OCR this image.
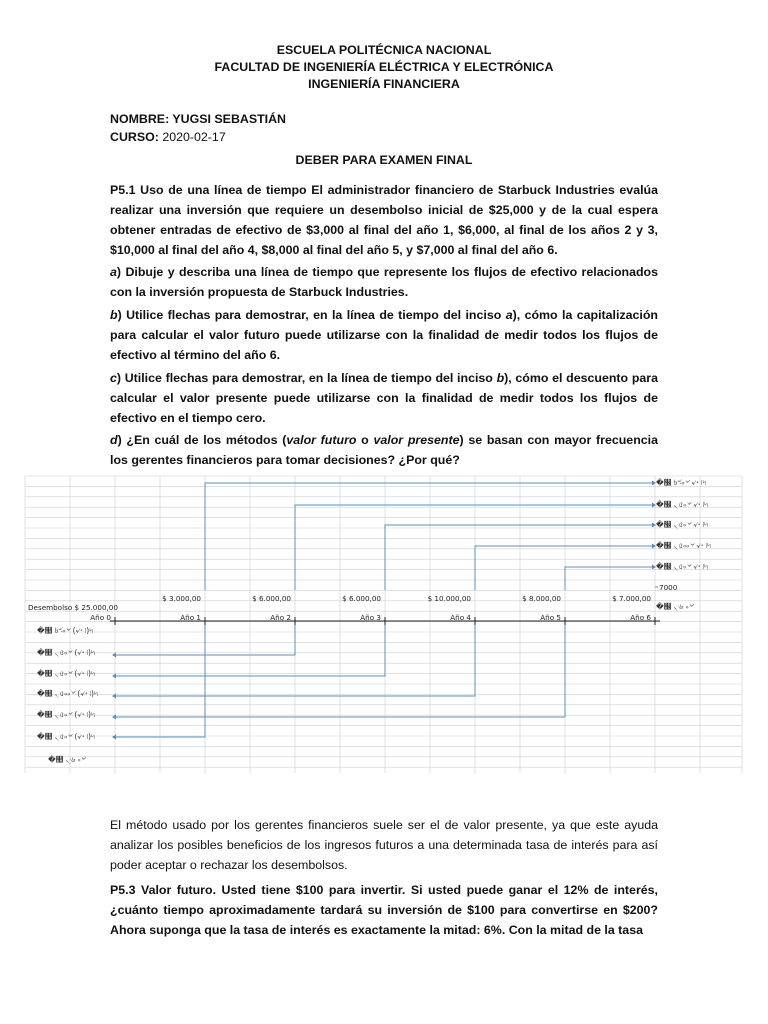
ESCUELA POLITÉCNICA NACIONAL
FACULTAD DE INGENIERÍA ELÉCTRICA Y ELECTRÓNICA
INGENIERÍA FINANCIERA
NOMBRE: YUGSI SEBASTIÁN
CURSO: 2020-02-17
DEBER PARA EXAMEN FINAL
P5.1 Uso de una línea de tiempo El administrador financiero de Starbuck Industries evalúa realizar una inversión que requiere un desembolso inicial de $25,000 y de la cual espera obtener entradas de efectivo de $3,000 al final del año 1, $6,000, al final de los años 2 y 3, $10,000 al final del año 4, $8,000 al final del año 5, y $7,000 al final del año 6.
a) Dibuje y describa una línea de tiempo que represente los flujos de efectivo relacionados con la inversión propuesta de Starbuck Industries.
b) Utilice flechas para demostrar, en la línea de tiempo del inciso a), cómo la capitalización para calcular el valor futuro puede utilizarse con la finalidad de medir todos los flujos de efectivo al término del año 6.
c) Utilice flechas para demostrar, en la línea de tiempo del inciso b), cómo el descuento para calcular el valor presente puede utilizarse con la finalidad de medir todos los flujos de efectivo en el tiempo cero.
d) ¿En cuál de los métodos (valor futuro o valor presente) se basan con mayor frecuencia los gerentes financieros para tomar decisiones? ¿Por qué?
Año 0	Año 1	Año 2	Año 3	Año 4	Año 5	Año 6
$ 3.000,00	$ 6.000,00	$ 6.000,00	$ 10.000,00	$ 8.000,00	$ 7.000,00
Desembolso $ 25.000,00
7000
�஼ ৳ৼ৹৺ ৵৽ ৷৸
�஼ ৲৫৹৺ ৵৽ ৷৸
�஼ ৲৫৹৺ ৵৽ ৷৸
�஼ ৲৫৹৹৺ ৵৽ ৷৸
�஼ ৲৫৹৺ ৵৽ ৷৸
�஼ ৲৬ ৹৺
�஺ ৳ৼ৹৺ (৵৽ ৷)৸
�஺ ৲৫৹৺ (৵৽ ৷)৸
�஺ ৲৫৹৺ (৵৽ ৷)৸
�஺ ৲৫৹৹৺ (৵৽ ৷)৸
�஺ ৲৫৹৺ (৵৽ ৷)৸
�஺ ৲৫৹৺ (৵৽ ৷)৸
�஺ ৲৬ ৹৺
El método usado por los gerentes financieros suele ser el de valor presente, ya que este ayuda analizar los posibles beneficios de los ingresos futuros a una determinada tasa de interés para así poder aceptar o rechazar los desembolsos.
P5.3 Valor futuro. Usted tiene $100 para invertir. Si usted puede ganar el 12% de interés, ¿cuánto tiempo aproximadamente tardará su inversión de $100 para convertirse en $200? Ahora suponga que la tasa de interés es exactamente la mitad: 6%. Con la mitad de la tasa
